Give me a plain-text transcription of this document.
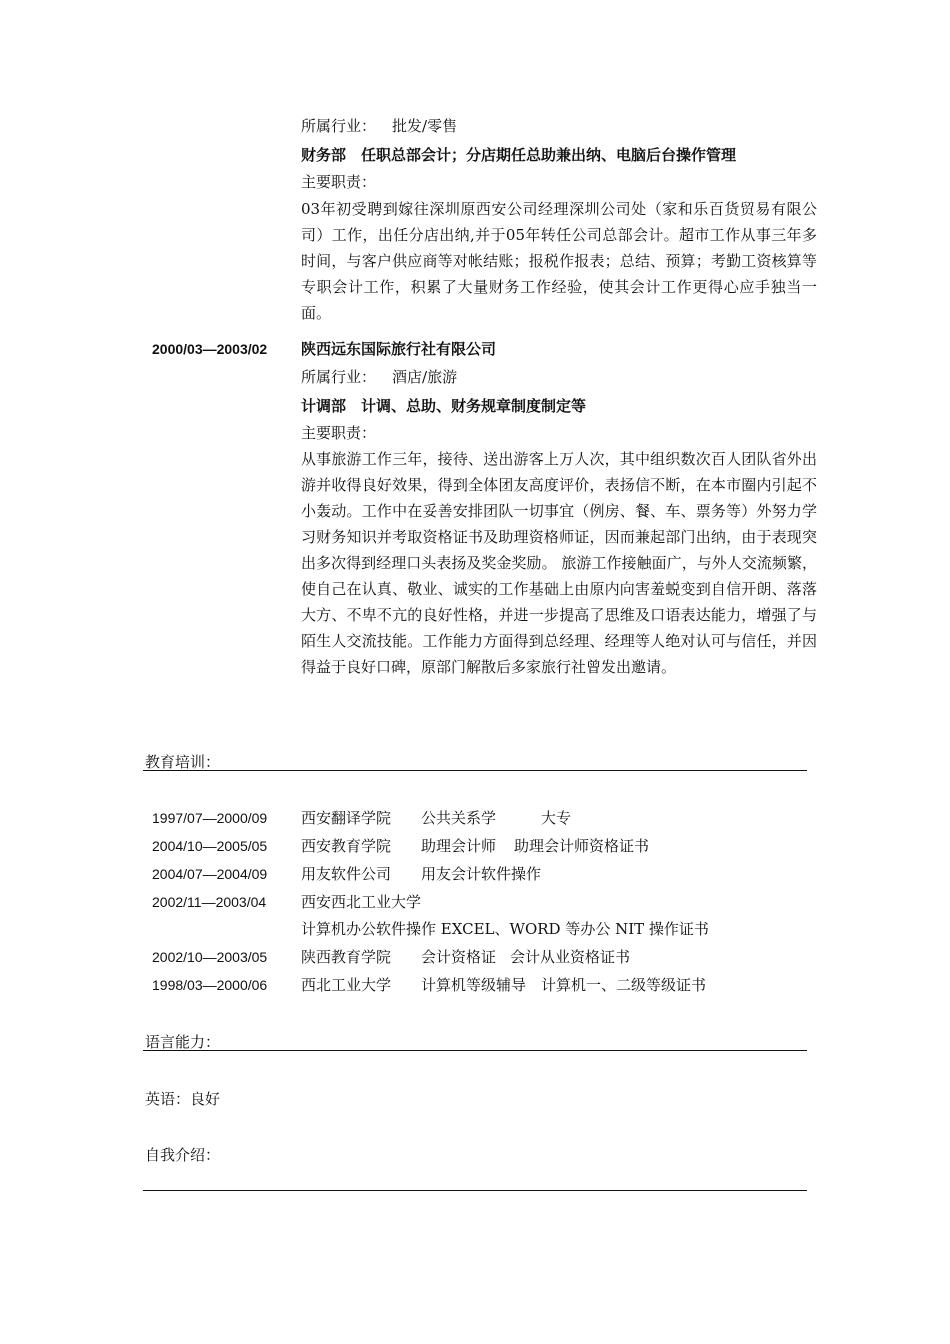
所属行业： 批发/零售
财务部　任职总部会计；分店期任总助兼出纳、电脑后台操作管理
主要职责：
03年初受聘到嫁往深圳原西安公司经理深圳公司处（家和乐百货贸易有限公司）工作，出任分店出纳,并于05年转任公司总部会计。超市工作从事三年多时间，与客户供应商等对帐结账；报税作报表；总结、预算；考勤工资核算等专职会计工作，积累了大量财务工作经验，使其会计工作更得心应手独当一面。
2000/03—2003/02 陕西远东国际旅行社有限公司
所属行业： 酒店/旅游
计调部　计调、总助、财务规章制度制定等
主要职责：
从事旅游工作三年，接待、送出游客上万人次，其中组织数次百人团队省外出游并收得良好效果，得到全体团友高度评价，表扬信不断，在本市圈内引起不小轰动。工作中在妥善安排团队一切事宜（例房、餐、车、票务等）外努力学习财务知识并考取资格证书及助理资格师证，因而兼起部门出纳，由于表现突出多次得到经理口头表扬及奖金奖励。 旅游工作接触面广，与外人交流频繁，使自己在认真、敬业、诚实的工作基础上由原内向害羞蜕变到自信开朗、落落大方、不卑不亢的良好性格，并进一步提高了思维及口语表达能力，增强了与陌生人交流技能。工作能力方面得到总经理、经理等人绝对认可与信任，并因得益于良好口碑，原部门解散后多家旅行社曾发出邀请。
教育培训：
1997/07—2000/09 西安翻译学院 公共关系学	大专
2004/10—2005/05 西安教育学院 助理会计师 助理会计师资格证书
2004/07—2004/09 用友软件公司 用友会计软件操作
2002/11—2003/04 西安西北工业大学
计算机办公软件操作 EXCEL、WORD 等办公 NIT 操作证书
2002/10—2003/05 陕西教育学院 会计资格证 会计从业资格证书
1998/03—2000/06 西北工业大学 计算机等级辅导 计算机一、二级等级证书
语言能力：
英语：良好
自我介绍：
